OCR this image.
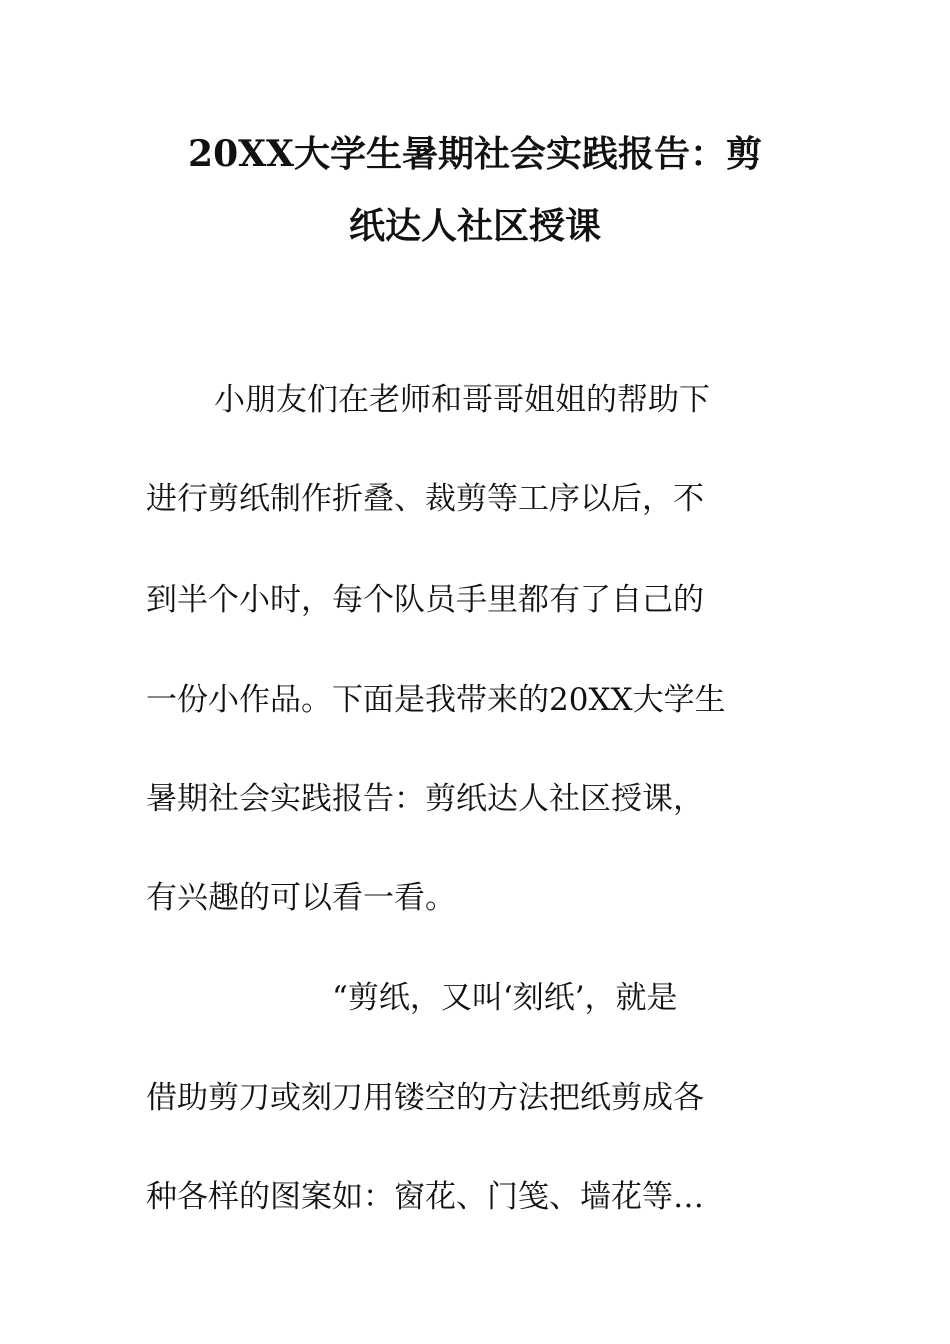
20XX大学生暑期社会实践报告：剪
纸达人社区授课
小朋友们在老师和哥哥姐姐的帮助下
进行剪纸制作折叠、裁剪等工序以后，不
到半个小时，每个队员手里都有了自己的
一份小作品。下面是我带来的20XX大学生
暑期社会实践报告：剪纸达人社区授课，
有兴趣的可以看一看。
“剪纸，又叫‘刻纸’，就是
借助剪刀或刻刀用镂空的方法把纸剪成各
种各样的图案如：窗花、门笺、墙花等…
